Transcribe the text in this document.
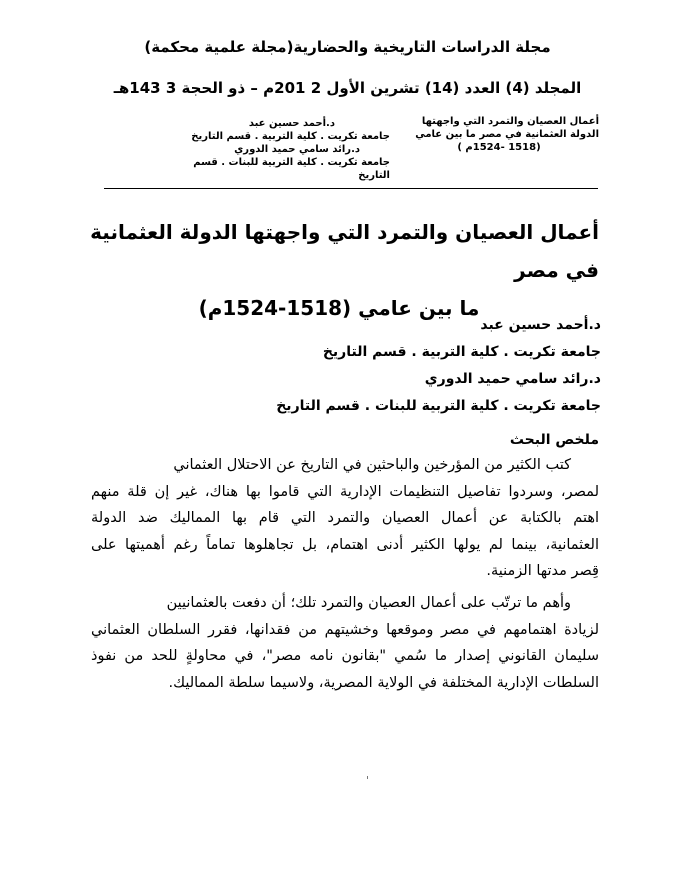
مجلة الدراسات التاريخية والحضارية(مجلة علمية محكمة)
المجلد (4) العدد (14) تشرين الأول 2 201م – ذو الحجة 3 143هـ
أعمال العصيان والتمرد التي واجهتها
الدولة العثمانية في مصر ما بين عامي
(1518 -1524م )
د.أحمد حسين عبد
جامعة تكريت . كلية التربية . قسم التاريخ
د.رائد سامي حميد الدوري
جامعة تكريت . كلية التربية للبنات . قسم التاريخ
أعمال العصيان والتمرد التي واجهتها الدولة العثمانية في مصر
ما بين عامي (1518-1524م)
د.أحمد حسين عبد
جامعة تكريت . كلية التربية . قسم التاريخ
د.رائد سامي حميد الدوري
جامعة تكريت . كلية التربية للبنات . قسم التاريخ
ملخص البحث
كتب الكثير من المؤرخين والباحثين في التاريخ عن الاحتلال العثماني
لمصر، وسردوا تفاصيل التنظيمات الإدارية التي قاموا بها هناك، غير إن قلة منهم
اهتم بالكتابة عن أعمال العصيان والتمرد التي قام بها المماليك ضد الدولة
العثمانية، بينما لم يولها الكثير أدنى اهتمام، بل تجاهلوها تماماً رغم أهميتها على
قِصر مدتها الزمنية.
وأهم ما ترتّب على أعمال العصيان والتمرد تلك؛ أن دفعت بالعثمانيين
لزيادة اهتمامهم في مصر وموقعها وخشيتهم من فقدانها، فقرر السلطان العثماني
سليمان القانوني إصدار ما سُمي "بقانون نامه مصر"، في محاولةٍ للحد من نفوذ
السلطات الإدارية المختلفة في الولاية المصرية، ولاسيما سلطة المماليك.
